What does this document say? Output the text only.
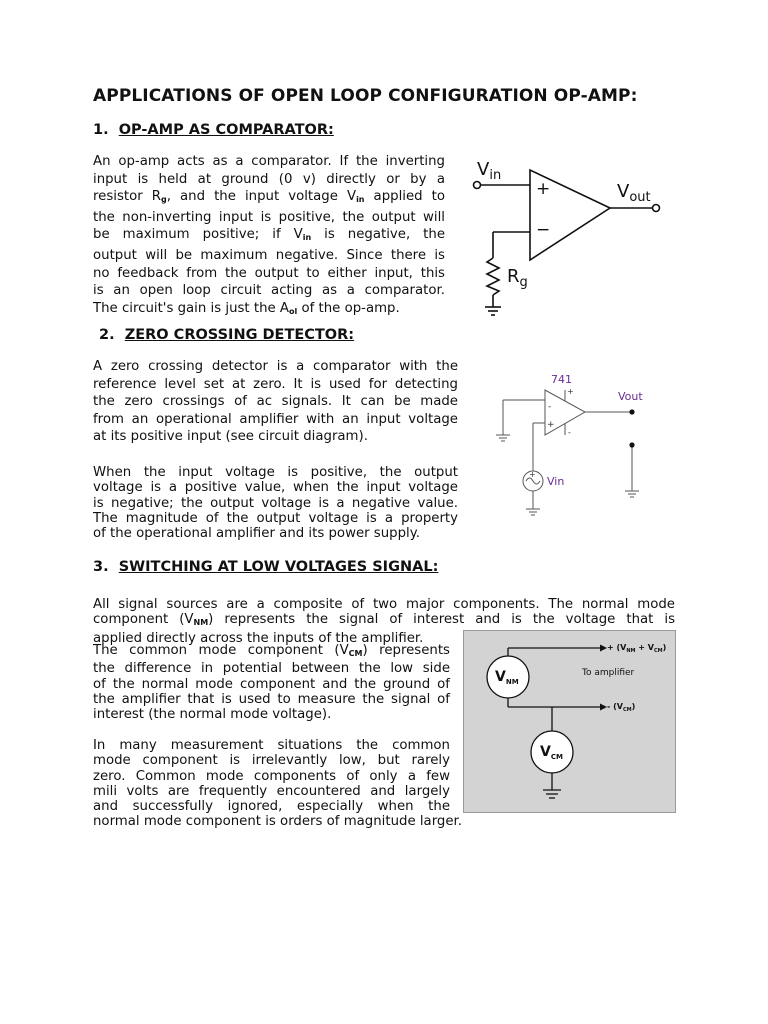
APPLICATIONS OF OPEN LOOP CONFIGURATION OP-AMP:
1. OP-AMP AS COMPARATOR:
An op-amp acts as a comparator. If the inverting
input is held at ground (0 v) directly or by a
resistor $R_g$, and the input voltage $V_{in}$ applied to
the non-inverting input is positive, the output will
be maximum positive; if $V_{in}$ is negative, the
output will be maximum negative. Since there is
no feedback from the output to either input, this
is an open loop circuit acting as a comparator.
The circuit's gain is just the $A_{ol}$ of the op-amp.
$V_{in}$
$V_{out}$
$R_g$
+
−
2. ZERO CROSSING DETECTOR:
A zero crossing detector is a comparator with the
reference level set at zero. It is used for detecting
the zero crossings of ac signals. It can be made
from an operational amplifier with an input voltage
at its positive input (see circuit diagram).
When the input voltage is positive, the output
voltage is a positive value, when the input voltage
is negative; the output voltage is a negative value.
The magnitude of the output voltage is a property
of the operational amplifier and its power supply.
741
Vout
Vin
-
+
+
-
+
3. SWITCHING AT LOW VOLTAGES SIGNAL:
All signal sources are a composite of two major components. The normal mode
component $(V_{NM})$ represents the signal of interest and is the voltage that is
applied directly across the inputs of the amplifier.
The common mode component $(V_{CM})$ represents
the difference in potential between the low side
of the normal mode component and the ground of
the amplifier that is used to measure the signal of
interest (the normal mode voltage).
In many measurement situations the common
mode component is irrelevantly low, but rarely
zero. Common mode components of only a few
mili volts are frequently encountered and largely
and successfully ignored, especially when the
normal mode component is orders of magnitude larger.
$V_{NM}$
$V_{CM}$
To amplifier
+ $(V_{NM} + V_{CM})$
- $(V_{CM})$
